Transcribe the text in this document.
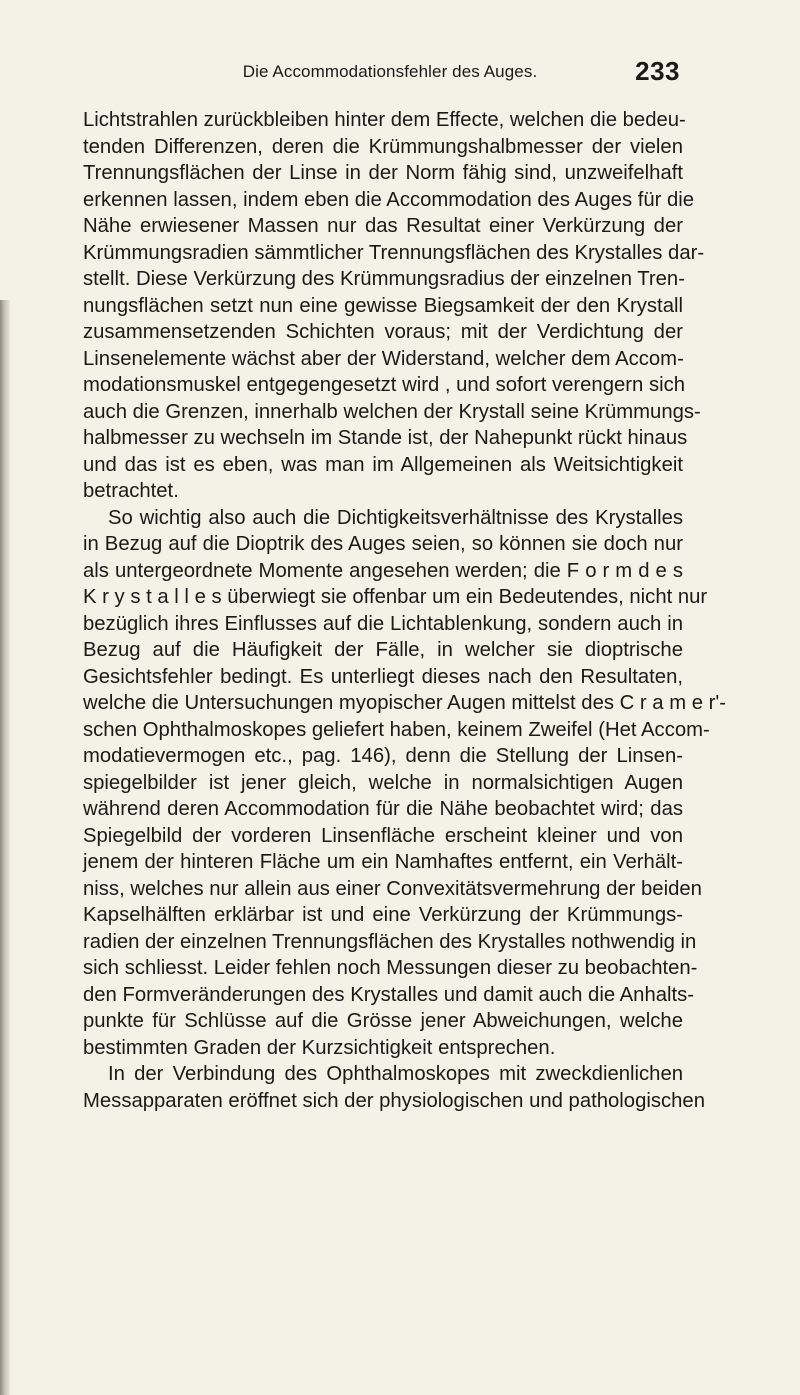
Die Accommodationsfehler des Auges.	233
Lichtstrahlen zurückbleiben hinter dem Effecte, welchen die bedeu-
tenden Differenzen, deren die Krümmungshalbmesser der vielen
Trennungsflächen der Linse in der Norm fähig sind, unzweifelhaft
erkennen lassen, indem eben die Accommodation des Auges für die
Nähe erwiesener Massen nur das Resultat einer Verkürzung der
Krümmungsradien sämmtlicher Trennungsflächen des Krystalles dar-
stellt. Diese Verkürzung des Krümmungsradius der einzelnen Tren-
nungsflächen setzt nun eine gewisse Biegsamkeit der den Krystall
zusammensetzenden Schichten voraus; mit der Verdichtung der
Linsenelemente wächst aber der Widerstand, welcher dem Accom-
modationsmuskel entgegengesetzt wird , und sofort verengern sich
auch die Grenzen, innerhalb welchen der Krystall seine Krümmungs-
halbmesser zu wechseln im Stande ist, der Nahepunkt rückt hinaus
und das ist es eben, was man im Allgemeinen als Weitsichtigkeit
betrachtet.
So wichtig also auch die Dichtigkeitsverhältnisse des Krystalles
in Bezug auf die Dioptrik des Auges seien, so können sie doch nur
als untergeordnete Momente angesehen werden; die F o r m d e s
K r y s t a l l e s überwiegt sie offenbar um ein Bedeutendes, nicht nur
bezüglich ihres Einflusses auf die Lichtablenkung, sondern auch in
Bezug auf die Häufigkeit der Fälle, in welcher sie dioptrische
Gesichtsfehler bedingt. Es unterliegt dieses nach den Resultaten,
welche die Untersuchungen myopischer Augen mittelst des C r a m e r'-
schen Ophthalmoskopes geliefert haben, keinem Zweifel (Het Accom-
modatievermogen etc., pag. 146), denn die Stellung der Linsen-
spiegelbilder ist jener gleich, welche in normalsichtigen Augen
während deren Accommodation für die Nähe beobachtet wird; das
Spiegelbild der vorderen Linsenfläche erscheint kleiner und von
jenem der hinteren Fläche um ein Namhaftes entfernt, ein Verhält-
niss, welches nur allein aus einer Convexitätsvermehrung der beiden
Kapselhälften erklärbar ist und eine Verkürzung der Krümmungs-
radien der einzelnen Trennungsflächen des Krystalles nothwendig in
sich schliesst. Leider fehlen noch Messungen dieser zu beobachten-
den Formveränderungen des Krystalles und damit auch die Anhalts-
punkte für Schlüsse auf die Grösse jener Abweichungen, welche
bestimmten Graden der Kurzsichtigkeit entsprechen.
In der Verbindung des Ophthalmoskopes mit zweckdienlichen
Messapparaten eröffnet sich der physiologischen und pathologischen
